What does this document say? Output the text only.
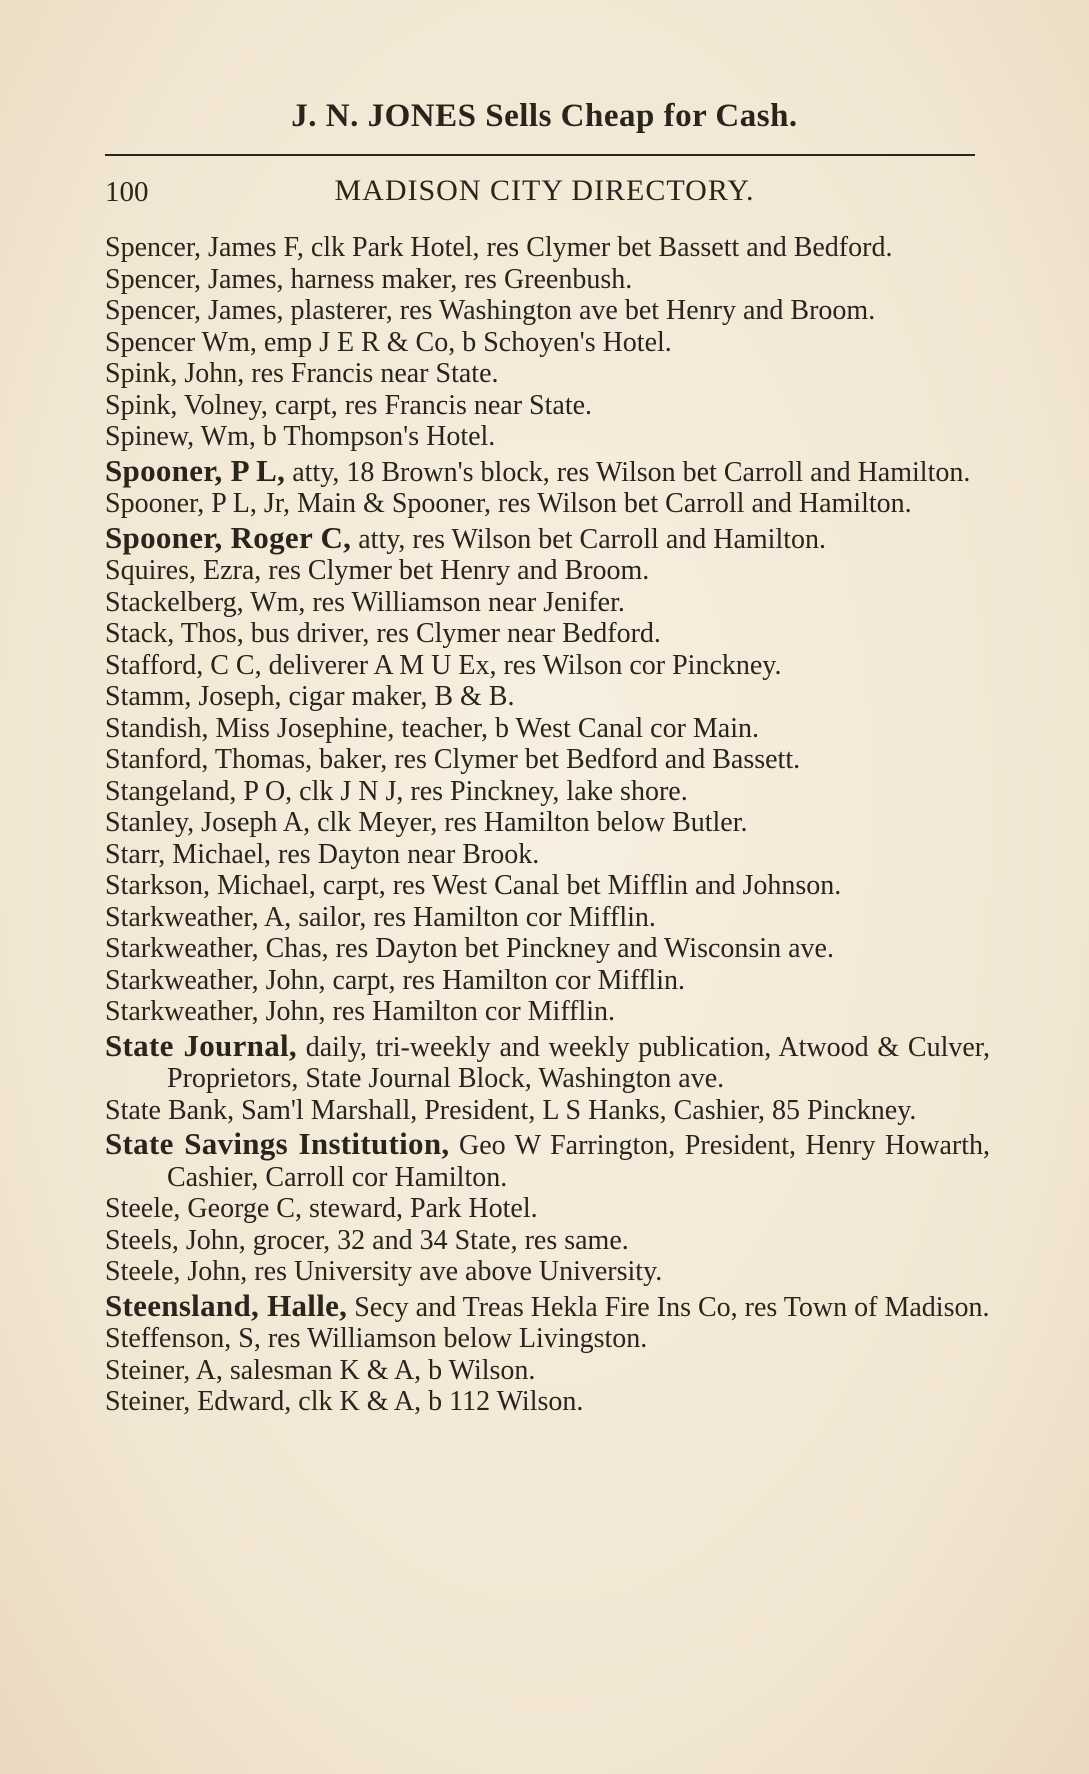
J. N. JONES Sells Cheap for Cash.
100	MADISON CITY DIRECTORY.

Spencer, James F, clk Park Hotel, res Clymer bet Bassett and Bedford.

Spencer, James, harness maker, res Greenbush.

Spencer, James, plasterer, res Washington ave bet Henry and Broom.

Spencer Wm, emp J E R & Co, b Schoyen's Hotel.

Spink, John, res Francis near State.

Spink, Volney, carpt, res Francis near State.

Spinew, Wm, b Thompson's Hotel.

Spooner, P L, atty, 18 Brown's block, res Wilson bet Carroll and Hamilton.

Spooner, P L, Jr, Main & Spooner, res Wilson bet Carroll and Hamilton.

Spooner, Roger C, atty, res Wilson bet Carroll and Hamilton.

Squires, Ezra, res Clymer bet Henry and Broom.

Stackelberg, Wm, res Williamson near Jenifer.

Stack, Thos, bus driver, res Clymer near Bedford.

Stafford, C C, deliverer A M U Ex, res Wilson cor Pinckney.

Stamm, Joseph, cigar maker, B & B.

Standish, Miss Josephine, teacher, b West Canal cor Main.

Stanford, Thomas, baker, res Clymer bet Bedford and Bassett.

Stangeland, P O, clk J N J, res Pinckney, lake shore.

Stanley, Joseph A, clk Meyer, res Hamilton below Butler.

Starr, Michael, res Dayton near Brook.

Starkson, Michael, carpt, res West Canal bet Mifflin and Johnson.

Starkweather, A, sailor, res Hamilton cor Mifflin.

Starkweather, Chas, res Dayton bet Pinckney and Wisconsin ave.

Starkweather, John, carpt, res Hamilton cor Mifflin.

Starkweather, John, res Hamilton cor Mifflin.

State Journal, daily, tri-weekly and weekly publication, Atwood & Culver, Proprietors, State Journal Block, Washington ave.

State Bank, Sam'l Marshall, President, L S Hanks, Cashier, 85 Pinckney.

State Savings Institution, Geo W Farrington, President, Henry Howarth, Cashier, Carroll cor Hamilton.

Steele, George C, steward, Park Hotel.

Steels, John, grocer, 32 and 34 State, res same.

Steele, John, res University ave above University.

Steensland, Halle, Secy and Treas Hekla Fire Ins Co, res Town of Madison.

Steffenson, S, res Williamson below Livingston.

Steiner, A, salesman K & A, b Wilson.

Steiner, Edward, clk K & A, b 112 Wilson.
